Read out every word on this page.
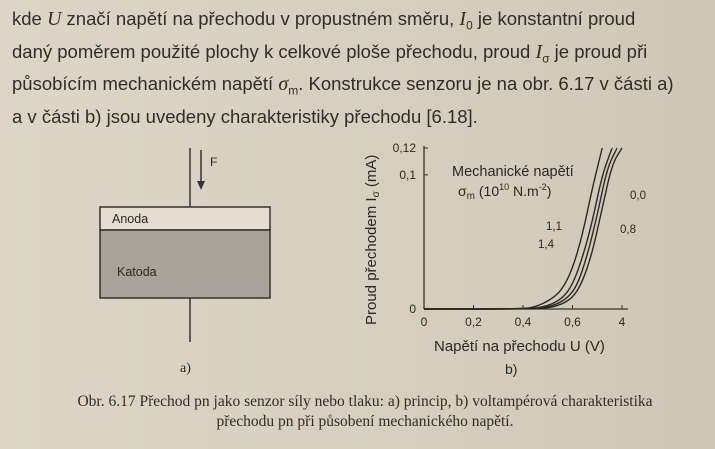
kde U značí napětí na přechodu v propustném směru, $I_0$ je konstantní proud
daný poměrem použité plochy k celkové ploše přechodu, proud $I_\sigma$ je proud při
působícím mechanickém napětí $\sigma_m$. Konstrukce senzoru je na obr. 6.17 v části a)
a v části b) jsou uvedeny charakteristiky přechodu [6.18].
F
Anoda
Katoda
a)
0
0,1
0,12
0	0,2	0,4	0,6	4
Mechanické napětí
$\sigma_m$ ($10^{10}$ $N.m^{-2}$)
1,1
1,4
0,8
0,0
Proud přechodem $I_\sigma$ (mA)
Napětí na přechodu U (V)
b)
Obr. 6.17 Přechod pn jako senzor síly nebo tlaku: a) princip, b) voltampérová charakteristika
přechodu pn při působení mechanického napětí.
